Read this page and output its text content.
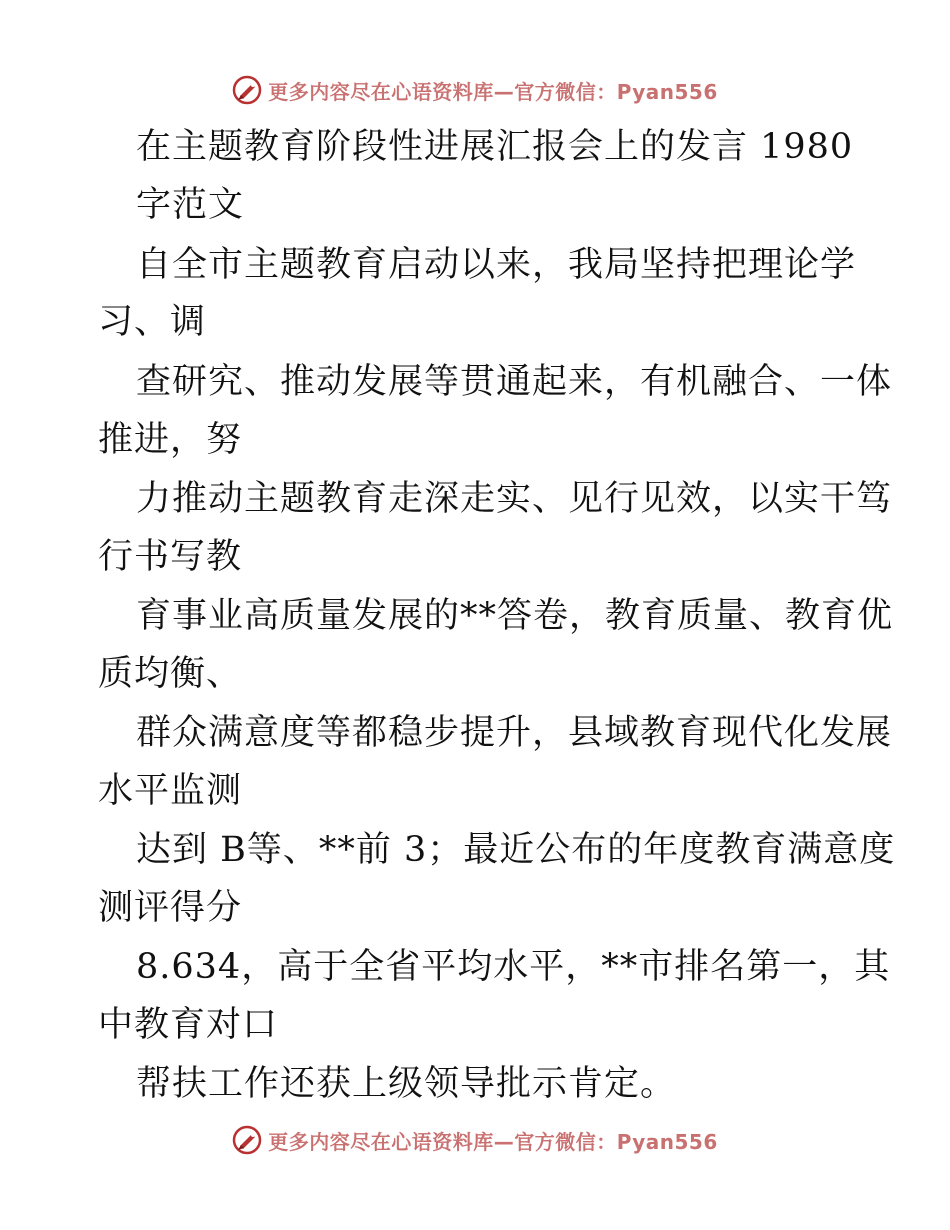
更多内容尽在心语资料库—官方微信：Pyan556
在主题教育阶段性进展汇报会上的发言 1980
字范文
自全市主题教育启动以来，我局坚持把理论学
习、调
查研究、推动发展等贯通起来，有机融合、一体
推进，努
力推动主题教育走深走实、见行见效，以实干笃
行书写教
育事业高质量发展的**答卷，教育质量、教育优
质均衡、
群众满意度等都稳步提升，县域教育现代化发展
水平监测
达到 B等、**前 3；最近公布的年度教育满意度
测评得分
8.634，高于全省平均水平，**市排名第一，其
中教育对口
帮扶工作还获上级领导批示肯定。
更多内容尽在心语资料库—官方微信：Pyan556
